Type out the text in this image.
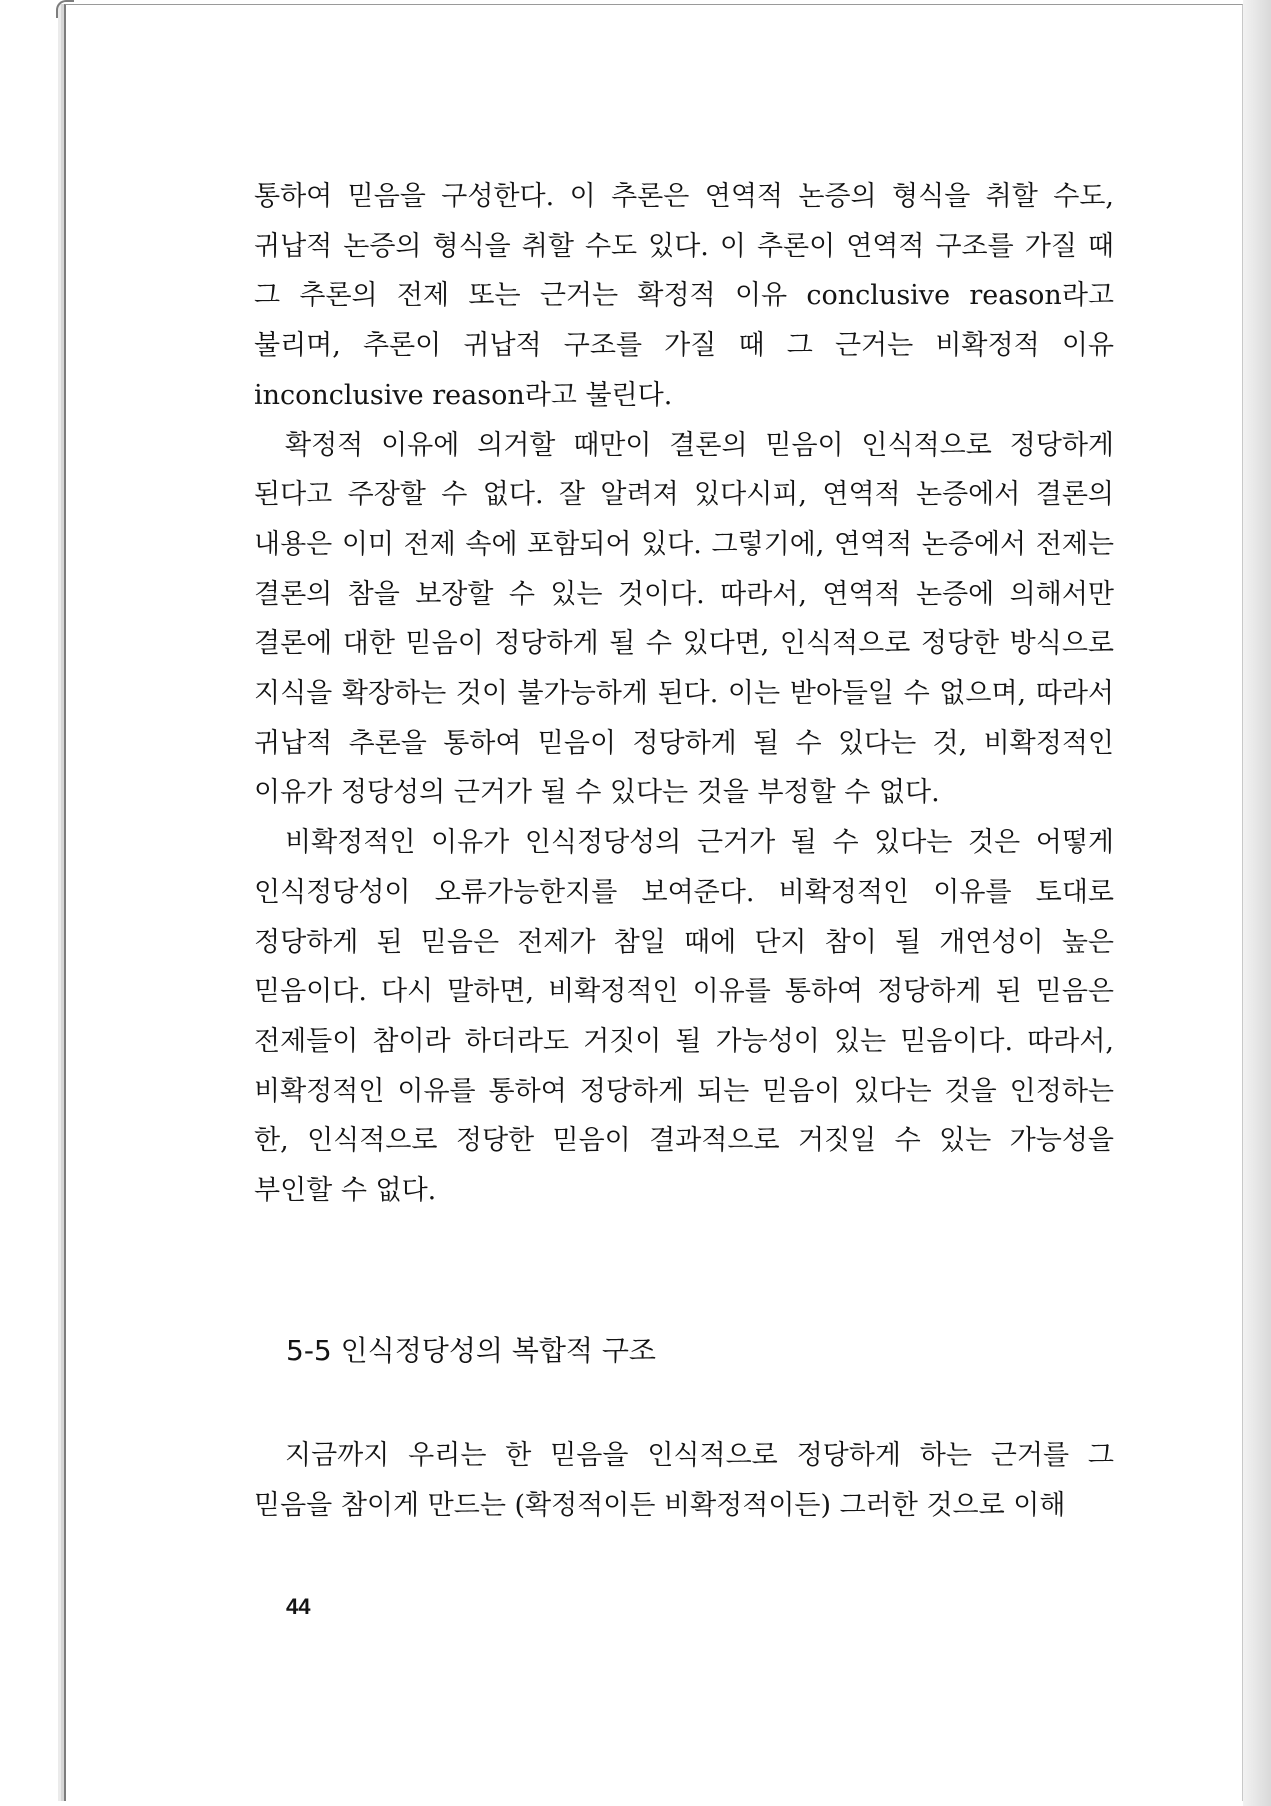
통하여 믿음을 구성한다. 이 추론은 연역적 논증의 형식을 취할 수도, 귀납적 논증의 형식을 취할 수도 있다. 이 추론이 연역적 구조를 가질 때 그 추론의 전제 또는 근거는 확정적 이유 conclusive reason라고 불리며, 추론이 귀납적 구조를 가질 때 그 근거는 비확정적 이유 inconclusive reason라고 불린다.

확정적 이유에 의거할 때만이 결론의 믿음이 인식적으로 정당하게 된다고 주장할 수 없다. 잘 알려져 있다시피, 연역적 논증에서 결론의 내용은 이미 전제 속에 포함되어 있다. 그렇기에, 연역적 논증에서 전제는 결론의 참을 보장할 수 있는 것이다. 따라서, 연역적 논증에 의해서만 결론에 대한 믿음이 정당하게 될 수 있다면, 인식적으로 정당한 방식으로 지식을 확장하는 것이 불가능하게 된다. 이는 받아들일 수 없으며, 따라서 귀납적 추론을 통하여 믿음이 정당하게 될 수 있다는 것, 비확정적인 이유가 정당성의 근거가 될 수 있다는 것을 부정할 수 없다.

비확정적인 이유가 인식정당성의 근거가 될 수 있다는 것은 어떻게 인식정당성이 오류가능한지를 보여준다. 비확정적인 이유를 토대로 정당하게 된 믿음은 전제가 참일 때에 단지 참이 될 개연성이 높은 믿음이다. 다시 말하면, 비확정적인 이유를 통하여 정당하게 된 믿음은 전제들이 참이라 하더라도 거짓이 될 가능성이 있는 믿음이다. 따라서, 비확정적인 이유를 통하여 정당하게 되는 믿음이 있다는 것을 인정하는 한, 인식적으로 정당한 믿음이 결과적으로 거짓일 수 있는 가능성을 부인할 수 없다.

5-5 인식정당성의 복합적 구조

지금까지 우리는 한 믿음을 인식적으로 정당하게 하는 근거를 그 믿음을 참이게 만드는 (확정적이든 비확정적이든) 그러한 것으로 이해

44
